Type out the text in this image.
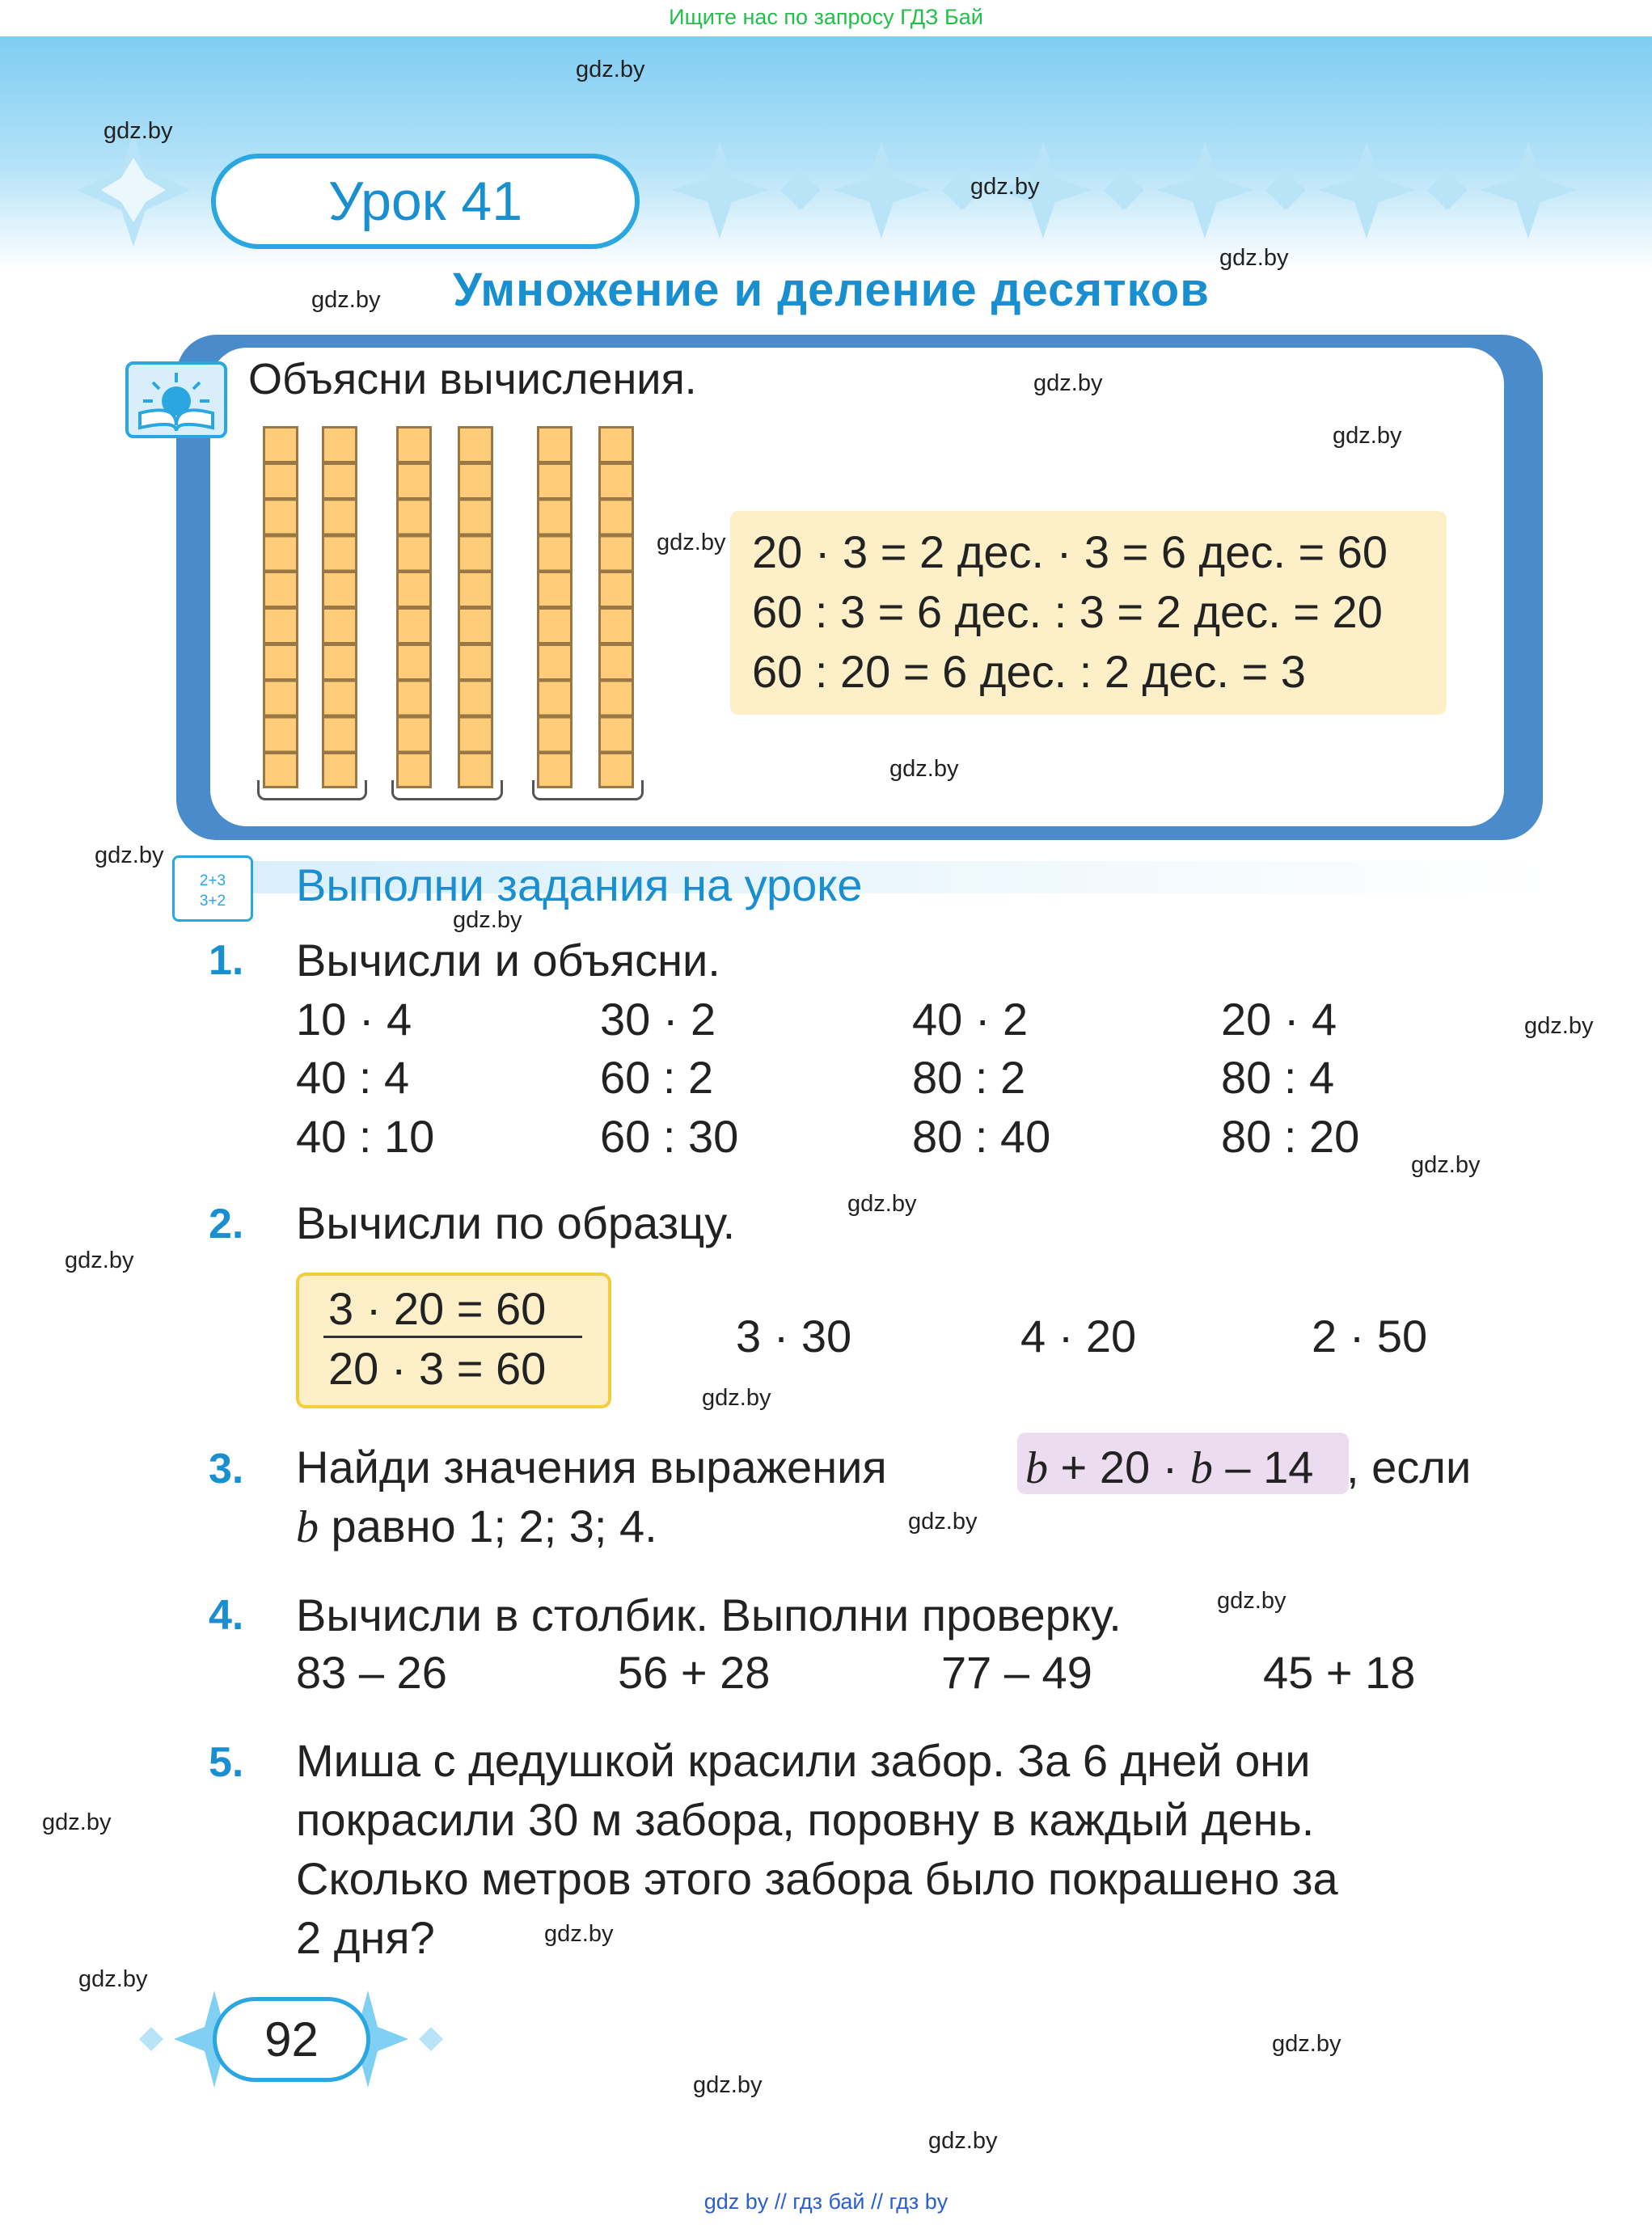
Ищите нас по запросу ГДЗ Бай
Урок 41
Умножение и деление десятков
Объясни вычисления.
20 · 3 = 2 дес. · 3 = 6 дес. = 60
60 : 3 = 6 дес. : 3 = 2 дес. = 20
60 : 20 = 6 дес. : 2 дес. = 3
2+3
3+2	Выполни задания на уроке
1. Вычисли и объясни.
10 · 4	30 · 2	40 · 2	20 · 4
40 : 4	60 : 2	80 : 2	80 : 4
40 : 10	60 : 30	80 : 40	80 : 20
2. Вычисли по образцу.
3 · 20 = 60
20 · 3 = 60
3 · 30	4 · 20	2 · 50
3. Найди значения выражения	b + 20 · b – 14 , если
b равно 1; 2; 3; 4.
4. Вычисли в столбик. Выполни проверку.
83 – 26	56 + 28	77 – 49	45 + 18
5. Миша с дедушкой красили забор. За 6 дней они
покрасили 30 м забора, поровну в каждый день.
Сколько метров этого забора было покрашено за
2 дня?
92
gdz.by
gdz.by
gdz.by
gdz.by
gdz.by
gdz.by
gdz.by
gdz.by
gdz.by
gdz.by
gdz.by
gdz.by
gdz.by
gdz.by
gdz.by
gdz.by
gdz.by
gdz.by
gdz.by
gdz.by
gdz.by
gdz.by
gdz.by
gdz.by
gdz by // гдз бай // гдз by
